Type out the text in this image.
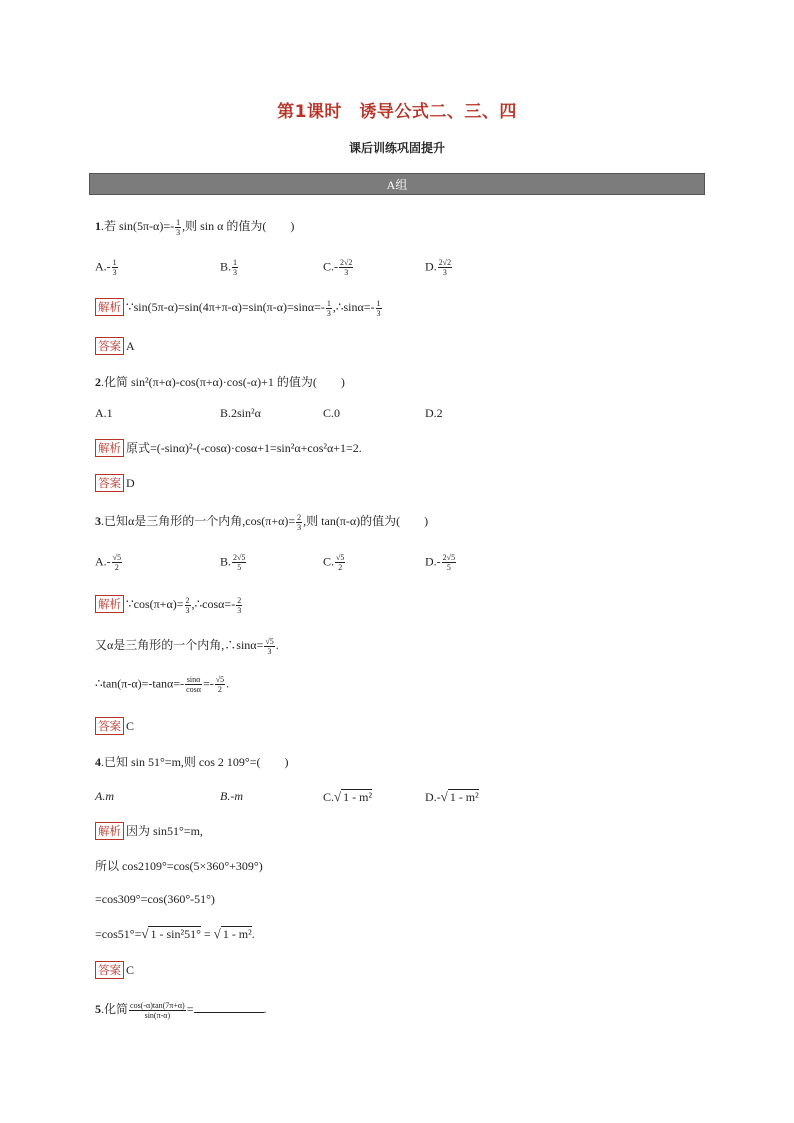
第1课时　诱导公式二、三、四
课后训练巩固提升
A组
1.若 $\sin(5\pi-\alpha)=- \frac{1}{3}$ ,则 sin α 的值为(　　)
$A.- \frac{1}{3}$	B. $\frac{1}{3}$	$C.- \frac{2√2}{3}$	D. $\frac{2√2}{3}$
解析 ∵sin(5π-α)=sin(4π+π-α)=sin(π-α)=sinα=- $\frac{1}{3}$ ,∴sinα=- $\frac{1}{3}$
答案 A
2.化简 sin²(π+α)-cos(π+α)·cos(-α)+1 的值为(　　)
A.1	B.2sin²α	C.0	D.2
解析 原式=(-sinα)²-(-cosα)·cosα+1=sin²α+cos²α+1=2.
答案 D
3.已知α是三角形的一个内角$,\cos(\pi+\alpha)= \frac{2}{3}$ ,则 tan(π-α)的值为(　　)
$A.- \frac{√5}{2}$	B. $\frac{2√5}{5}$	C. $\frac{√5}{2}$	$D.- \frac{2√5}{5}$
解析 ∵cos(π+α)= $\frac{2}{3}$ ,∴cosα=- $\frac{2}{3}$
又α是三角形的一个内角,∴sinα= $\frac{√5}{3}$ .
∴tan(π-α)=-tanα=- $\frac{\sin\alpha}{\cos\alpha} =- \frac{√5}{2}$ .
答案 C
4.已知 sin 51°=m,则 cos 2 109°=(　　)
A.m	B.-m	C.√ 1 - m²	D.-√ 1 - m²
解析 因为 sin51°=m,
所以 cos2109°=cos(5×360°+309°)
=cos309°=cos(360°-51°)
=cos51°=√ 1 - sin²51° = √ 1 - m².
答案 C
5.化简 $\frac{\cos(-\alpha)\tan(7\pi+\alpha)}{\sin(\pi-\alpha)}$ =	.
